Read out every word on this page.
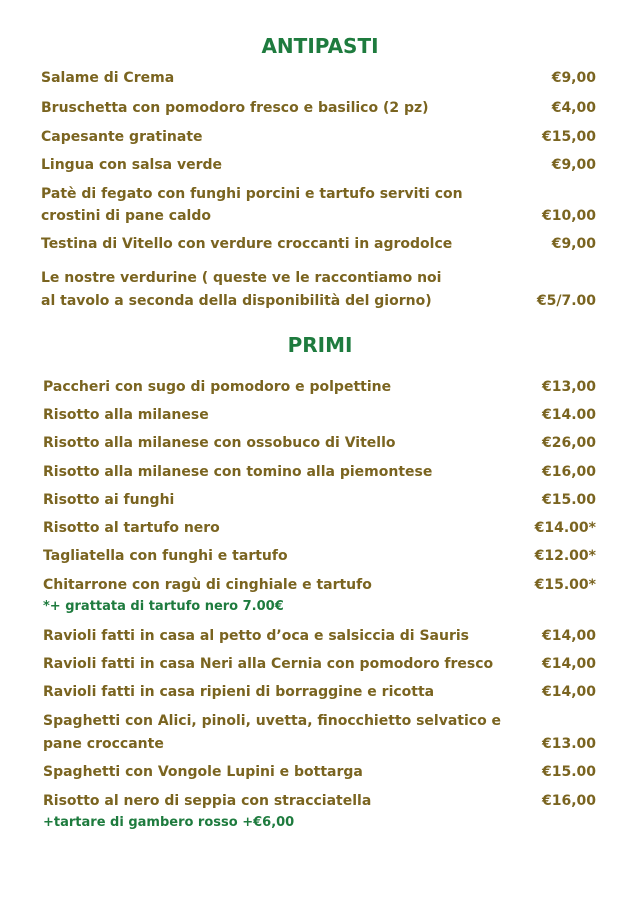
ANTIPASTI
Salame di Crema	€9,00
Bruschetta con pomodoro fresco e basilico (2 pz)	€4,00
Capesante gratinate	€15,00
Lingua con salsa verde	€9,00
Patè di fegato con funghi porcini e tartufo serviti con
crostini di pane caldo	€10,00
Testina di Vitello con verdure croccanti in agrodolce	€9,00
Le nostre verdurine ( queste ve le raccontiamo noi
al tavolo a seconda della disponibilità del giorno)	€5/7.00
PRIMI
Paccheri con sugo di pomodoro e polpettine	€13,00
Risotto alla milanese	€14.00
Risotto alla milanese con ossobuco di Vitello	€26,00
Risotto alla milanese con tomino alla piemontese	€16,00
Risotto ai funghi	€15.00
Risotto al tartufo nero	€14.00*
Tagliatella con funghi e tartufo	€12.00*
Chitarrone con ragù di cinghiale e tartufo	€15.00*
*+ grattata di tartufo nero 7.00€
Ravioli fatti in casa al petto d’oca e salsiccia di Sauris	€14,00
Ravioli fatti in casa Neri alla Cernia con pomodoro fresco	€14,00
Ravioli fatti in casa ripieni di borraggine e ricotta	€14,00
Spaghetti con Alici, pinoli, uvetta, finocchietto selvatico e
pane croccante	€13.00
Spaghetti con Vongole Lupini e bottarga	€15.00
Risotto al nero di seppia con stracciatella	€16,00
+tartare di gambero rosso +€6,00
